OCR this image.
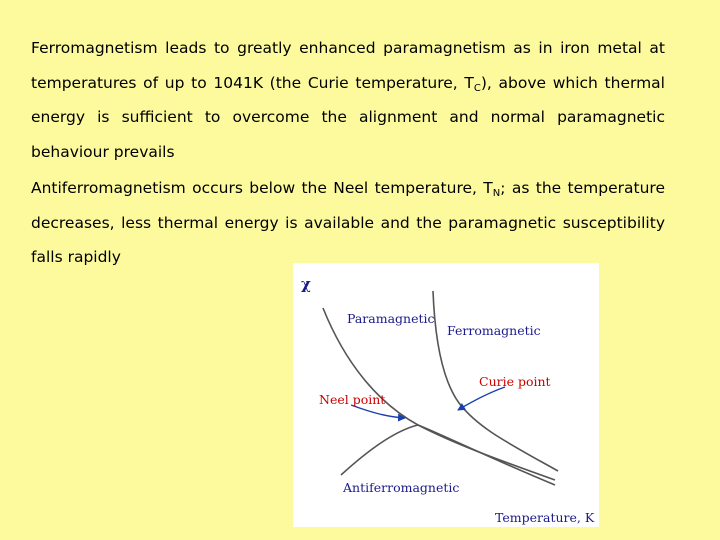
Ferromagnetism leads to greatly enhanced paramagnetism as in iron metal at temperatures of up to 1041K (the Curie temperature, $T_C$), above which thermal energy is sufficient to overcome the alignment and normal paramagnetic behaviour prevails

Antiferromagnetism occurs below the Neel temperature, $T_N$; as the temperature decreases, less thermal energy is available and the paramagnetic susceptibility falls rapidly

χ
Paramagnetic
Ferromagnetic
Curie point
Neel point
Antiferromagnetic
Temperature, K
